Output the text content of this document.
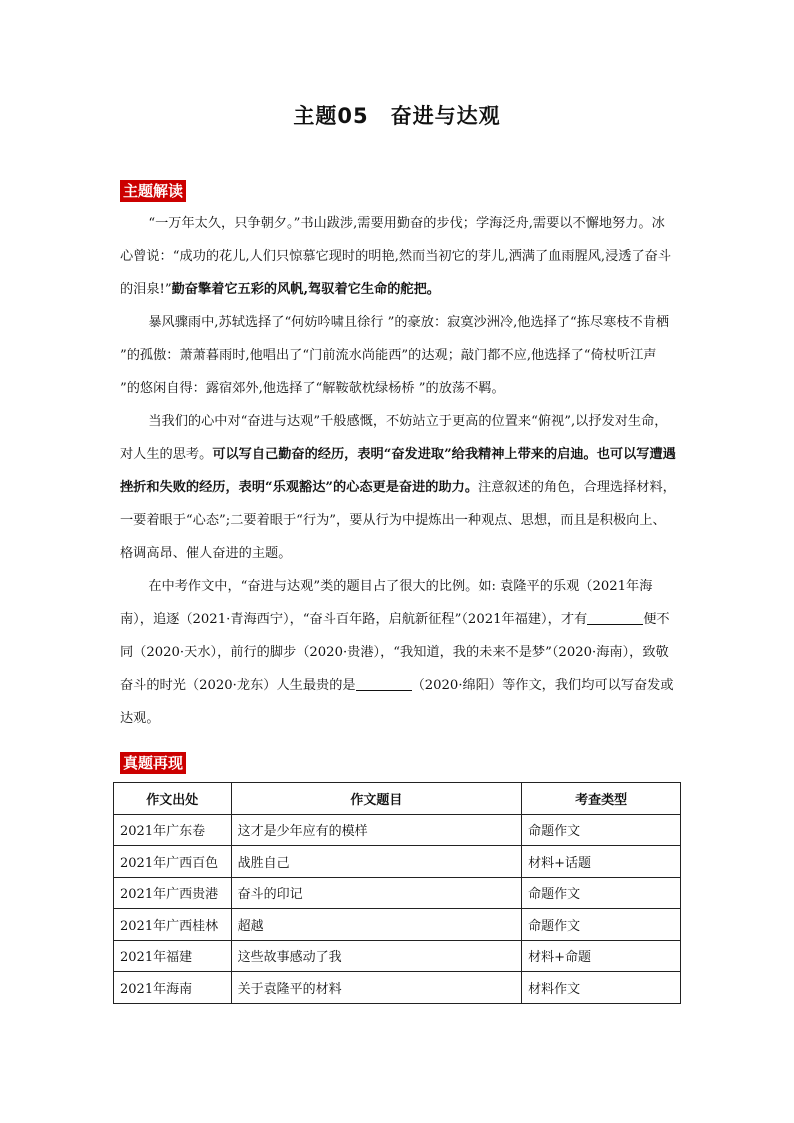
主题05　奋进与达观
主题解读

“一万年太久，只争朝夕。”书山跋涉,需要用勤奋的步伐；学海泛舟,需要以不懈地努力。冰心曾说：“成功的花儿,人们只惊慕它现时的明艳,然而当初它的芽儿,洒满了血雨腥风,浸透了奋斗的泪泉!”勤奋擎着它五彩的风帆,驾驭着它生命的舵把。

暴风骤雨中,苏轼选择了“何妨吟啸且徐行 ”的豪放：寂寞沙洲冷,他选择了“拣尽寒枝不肯栖 ”的孤傲：萧萧暮雨时,他唱出了“门前流水尚能西”的达观；敲门都不应,他选择了“倚杖听江声 ”的悠闲自得：露宿郊外,他选择了“解鞍欹枕绿杨桥 ”的放荡不羁。

当我们的心中对“奋进与达观”千般感慨，不妨站立于更高的位置来“俯视”,以抒发对生命，对人生的思考。可以写自己勤奋的经历，表明“奋发进取”给我精神上带来的启迪。也可以写遭遇挫折和失败的经历，表明“乐观豁达”的心态更是奋进的助力。注意叙述的角色，合理选择材料，一要着眼于“心态”;二要着眼于“行为”，要从行为中提炼出一种观点、思想，而且是积极向上、格调高昂、催人奋进的主题。

在中考作文中，“奋进与达观”类的题目占了很大的比例。如: 袁隆平的乐观（2021年海南），追逐（2021·青海西宁），“奋斗百年路，启航新征程”（2021年福建），才有	便不同（2020·天水），前行的脚步（2020·贵港），“我知道，我的未来不是梦”（2020·海南），致敬奋斗的时光（2020·龙东）人生最贵的是	（2020·绵阳）等作文，我们均可以写奋发或达观。

真题再现
作文出处	作文题目	考查类型
2021年广东卷	这才是少年应有的模样	命题作文
2021年广西百色	战胜自己	材料+话题
2021年广西贵港	奋斗的印记	命题作文
2021年广西桂林	超越	命题作文
2021年福建	这些故事感动了我	材料+命题
2021年海南	关于袁隆平的材料	材料作文
